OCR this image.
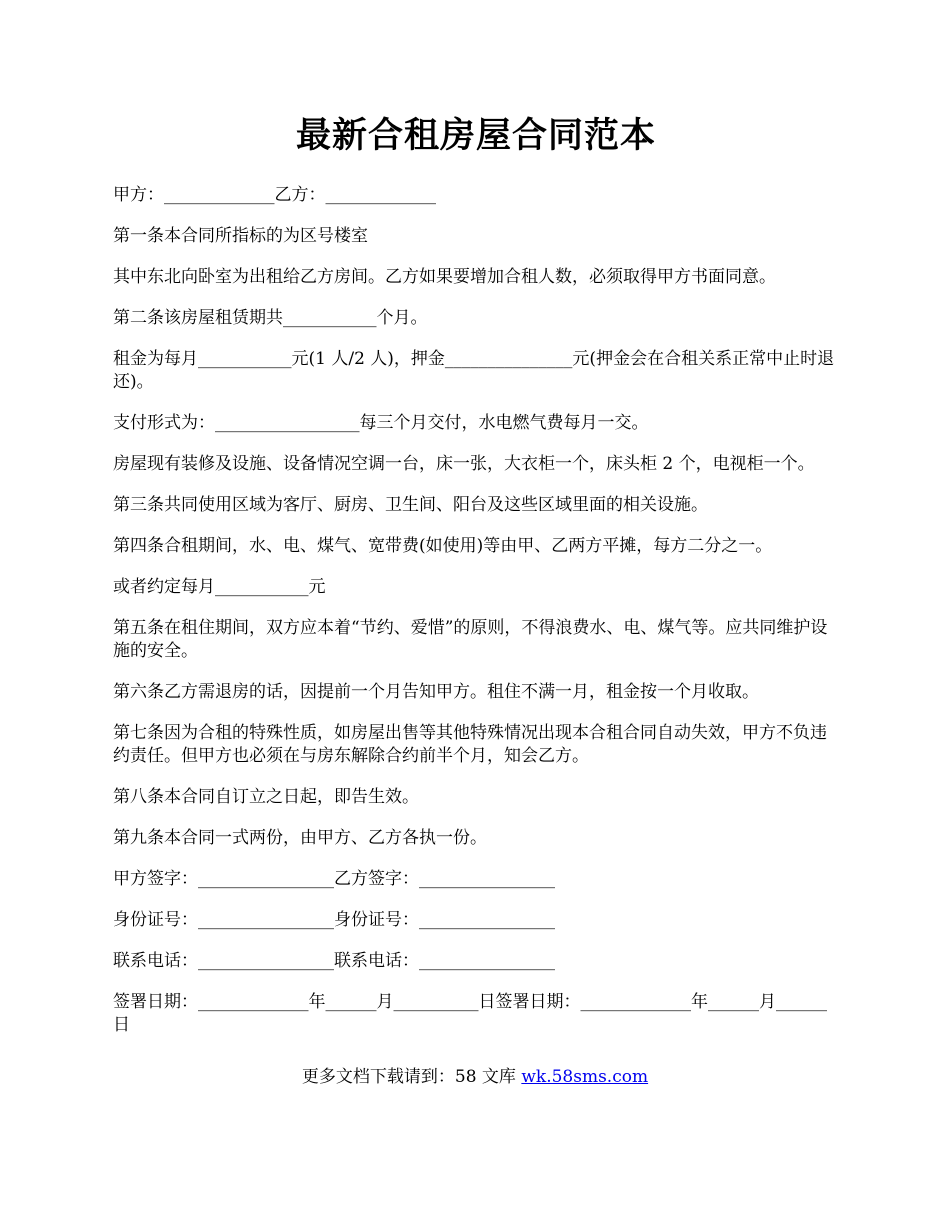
最新合租房屋合同范本

甲方：_____________乙方：_____________

第一条本合同所指标的为区号楼室

其中东北向卧室为出租给乙方房间。乙方如果要增加合租人数，必须取得甲方书面同意。

第二条该房屋租赁期共___________个月。

租金为每月___________元(1 人/2 人)，押金_______________元(押金会在合租关系正常中止时退还)。

支付形式为：_________________每三个月交付，水电燃气费每月一交。

房屋现有装修及设施、设备情况空调一台，床一张，大衣柜一个，床头柜 2 个，电视柜一个。

第三条共同使用区域为客厅、厨房、卫生间、阳台及这些区域里面的相关设施。

第四条合租期间，水、电、煤气、宽带费(如使用)等由甲、乙两方平摊，每方二分之一。

或者约定每月___________元

第五条在租住期间，双方应本着“节约、爱惜”的原则，不得浪费水、电、煤气等。应共同维护设施的安全。

第六条乙方需退房的话，因提前一个月告知甲方。租住不满一月，租金按一个月收取。

第七条因为合租的特殊性质，如房屋出售等其他特殊情况出现本合租合同自动失效，甲方不负违约责任。但甲方也必须在与房东解除合约前半个月，知会乙方。

第八条本合同自订立之日起，即告生效。

第九条本合同一式两份，由甲方、乙方各执一份。

甲方签字：________________乙方签字：________________

身份证号：________________身份证号：________________

联系电话：________________联系电话：________________

签署日期：_____________年______月__________日签署日期：_____________年______月______日

更多文档下载请到：58 文库 wk.58sms.com
